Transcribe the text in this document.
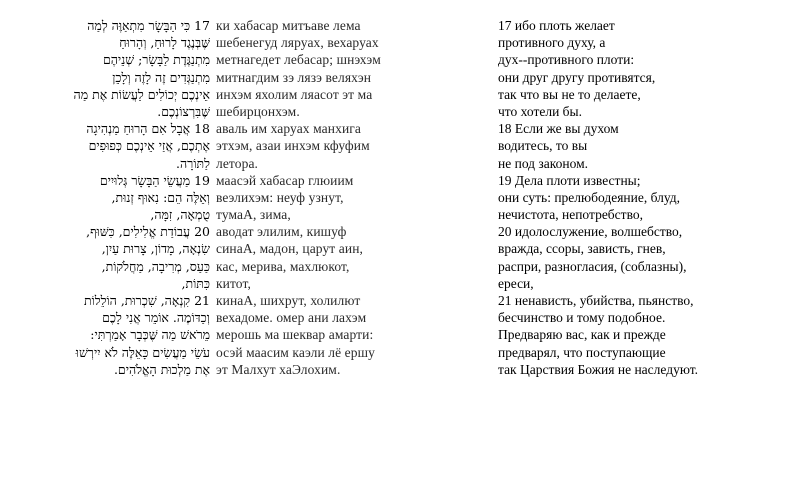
17 כִּי הַבָּשָׂר מִתְאַוֶּה לְמַה
שֶּׁבְּנֶגֶד לָרוּחַ, וְהָרוּחַ
מִתְנַגֶּדֶת לַבָּשָׂר; שְׁנֵיהֶם
מִתְנַגְּדִים זֶה לָזֶה וְלָכֵן
אֵינְכֶם יְכוֹלִים לַעֲשׂוֹת אֶת מַה
שֶּׁבִּרְצוֹנְכֶם.
18 אֲבָל אִם הָרוּחַ מַנְהִיגָה
אֶתְכֶם, אֲזַי אֵינְכֶם כְּפוּפִים
לַתּוֹרָה.
19 מַעֲשֵׂי הַבָּשָׂר גְּלוּיִים
וְאֵלֶּה הֵם: נִאוּף זְנוּת,
טֻמְאָה, זִמָּה,
20 עֲבוֹדַת אֱלִילִים, כִּשּׁוּף,
שִׂנְאָה, מָדוֹן, צָרוּת עַיִן,
כַּעַס, מְרִיבָה, מַחֲלֹקוֹת,
כִּתּוֹת,
21 קִנְאָה, שִׁכְרוּת, הוֹלֵלוֹת
וְכַדּוֹמֶה. אוֹמֵר אֲנִי לָכֶם
מֵרֹאשׁ מַה שֶּׁכְּבָר אָמַרְתִּי:
עֹשֵׂי מַעֲשִׂים כָּאֵלֶּה לֹא יִירְשׁוּ
אֶת מַלְכוּת הָאֱלֹהִים.
ки хабасар митъаве лема
шебенегуд ляруах, вехаруах
метнагедет лебасар; шнэхэм
митнагдим зэ лязэ веляхэн
инхэм яхолим ляасот эт ма
шебирцонхэм.
аваль им харуах манхига
этхэм, азаи инхэм кфуфим
летора.
маасэй хабасар глюиим
веэлихэм: неуф узнут,
тумаА, зима,
аводат элилим, кишуф
синаА, мадон, царут аин,
кас, мерива, махлюкот,
китот,
кинаА, шихрут, холилют
вехадоме. омер ани лахэм
мерошь ма шеквар амарти:
осэй маасим каэли лё ершу
эт Малхут хаЭлохим.
17 ибо плоть желает
противного духу, а
дух--противного плоти:
они друг другу противятся,
так что вы не то делаете,
что хотели бы.
18 Если же вы духом
водитесь, то вы
не под законом.
19 Дела плоти известны;
они суть: прелюбодеяние, блуд,
нечистота, непотребство,
20 идолослужение, волшебство,
вражда, ссоры, зависть, гнев,
распри, разногласия, (соблазны),
ереси,
21 ненависть, убийства, пьянство,
бесчинство и тому подобное.
Предваряю вас, как и прежде
предварял, что поступающие
так Царствия Божия не наследуют.
